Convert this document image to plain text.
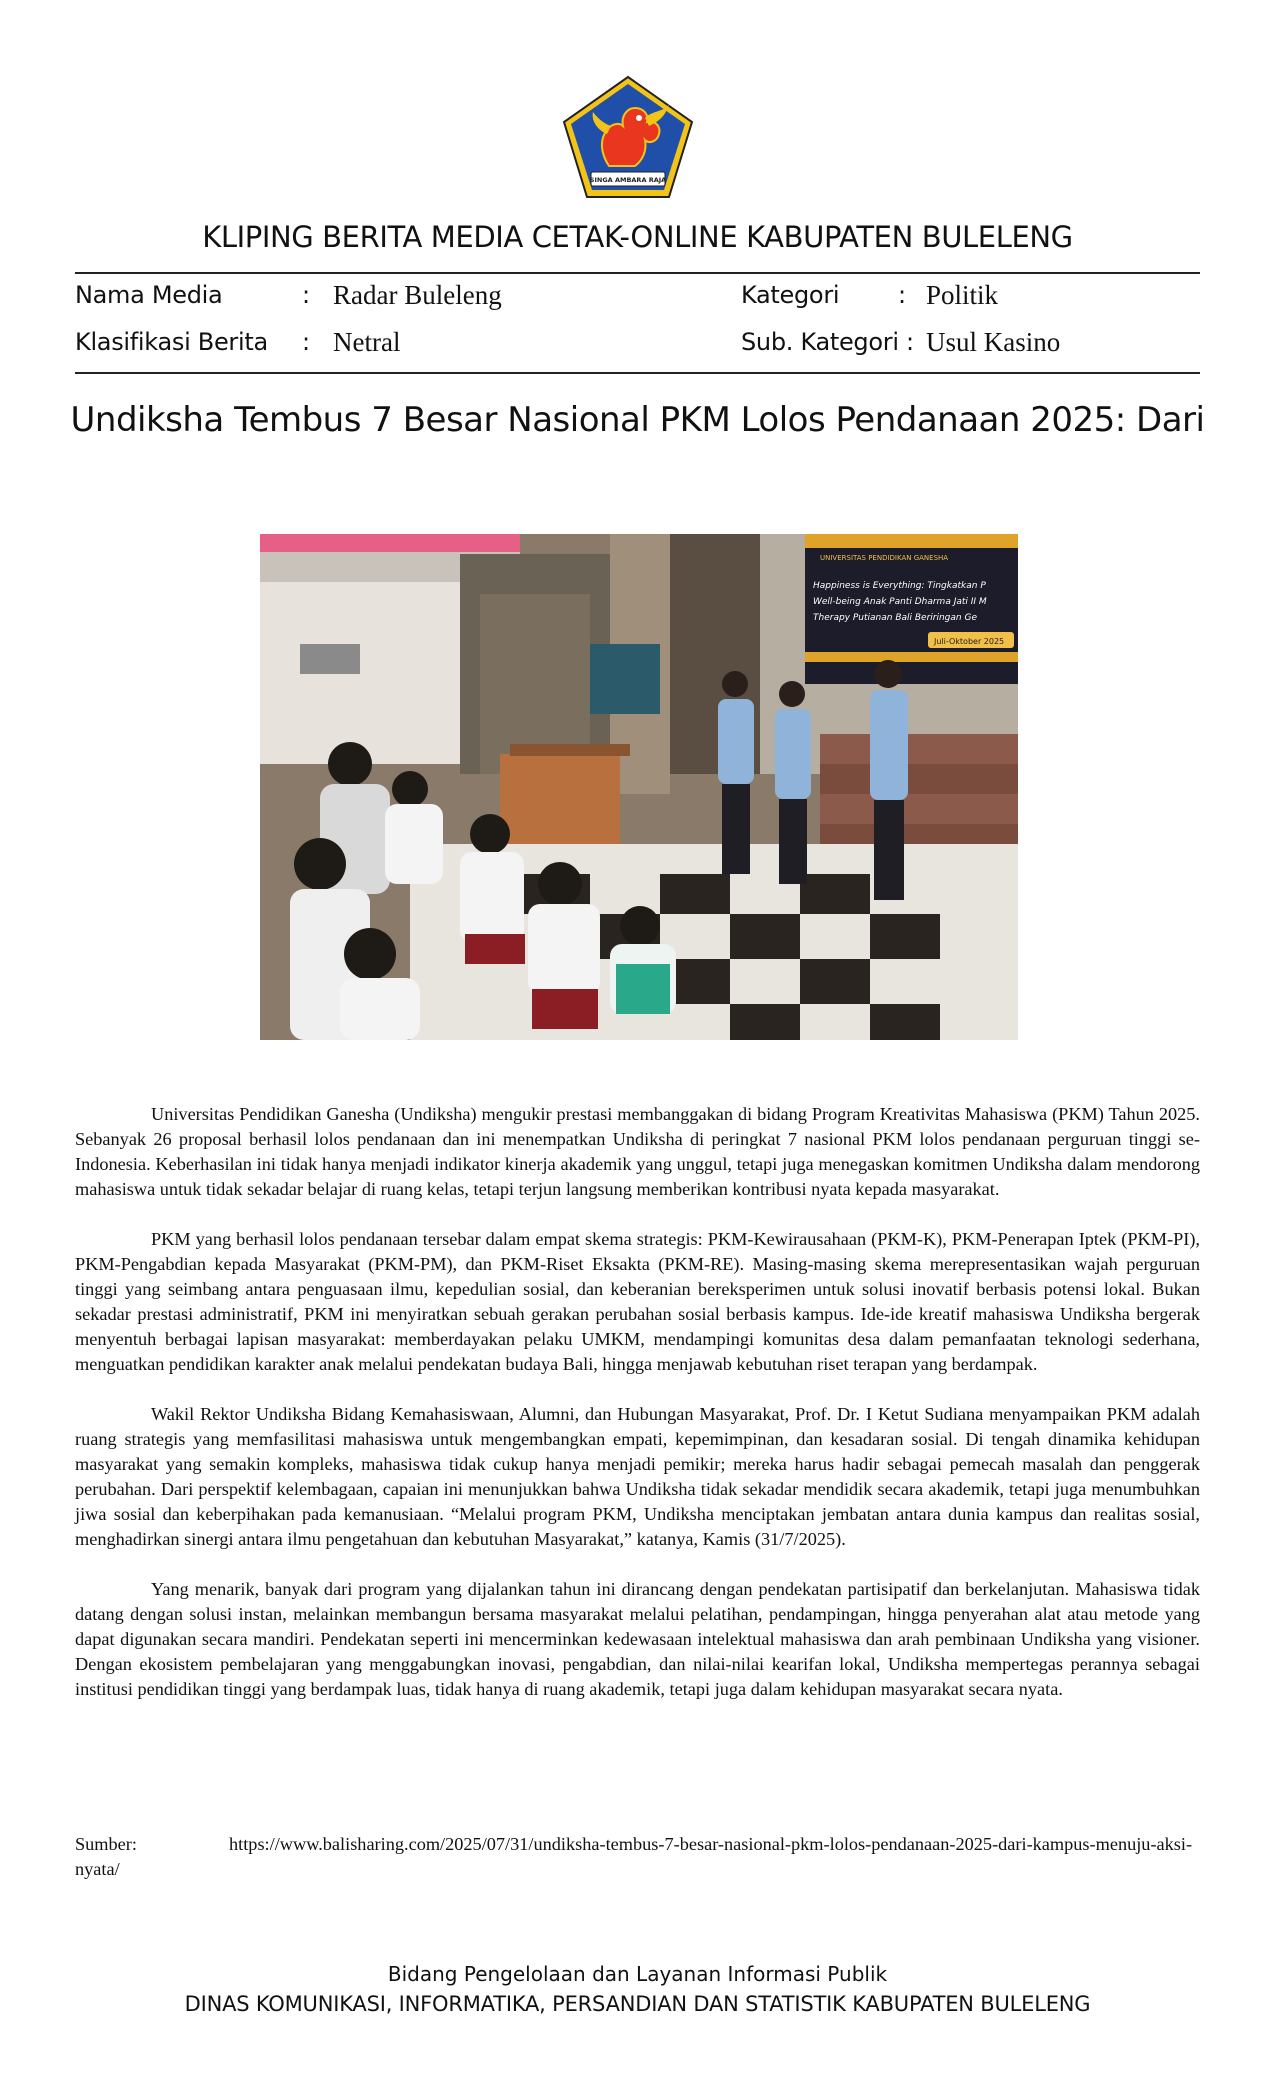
SINGA AMBARA RAJA
KLIPING BERITA MEDIA CETAK-ONLINE KABUPATEN BULELENG
Nama Media	: Radar Buleleng
Klasifikasi Berita : Netral
Kategori : Politik
Sub. Kategori : Usul Kasino
Undiksha Tembus 7 Besar Nasional PKM Lolos Pendanaan 2025: Dari
UNIVERSITAS PENDIDIKAN GANESHA
Happiness is Everything: Tingkatkan P
Well-being Anak Panti Dharma Jati II M
Therapy Putianan Bali Beriringan Ge
Juli-Oktober 2025

Universitas Pendidikan Ganesha (Undiksha) mengukir prestasi membanggakan di bidang Program Kreativitas Mahasiswa (PKM) Tahun 2025. Sebanyak 26 proposal berhasil lolos pendanaan dan ini menempatkan Undiksha di peringkat 7 nasional PKM lolos pendanaan perguruan tinggi se-Indonesia. Keberhasilan ini tidak hanya menjadi indikator kinerja akademik yang unggul, tetapi juga menegaskan komitmen Undiksha dalam mendorong mahasiswa untuk tidak sekadar belajar di ruang kelas, tetapi terjun langsung memberikan kontribusi nyata kepada masyarakat.

PKM yang berhasil lolos pendanaan tersebar dalam empat skema strategis: PKM-Kewirausahaan (PKM-K), PKM-Penerapan Iptek (PKM-PI), PKM-Pengabdian kepada Masyarakat (PKM-PM), dan PKM-Riset Eksakta (PKM-RE). Masing-masing skema merepresentasikan wajah perguruan tinggi yang seimbang antara penguasaan ilmu, kepedulian sosial, dan keberanian bereksperimen untuk solusi inovatif berbasis potensi lokal. Bukan sekadar prestasi administratif, PKM ini menyiratkan sebuah gerakan perubahan sosial berbasis kampus. Ide-ide kreatif mahasiswa Undiksha bergerak menyentuh berbagai lapisan masyarakat: memberdayakan pelaku UMKM, mendampingi komunitas desa dalam pemanfaatan teknologi sederhana, menguatkan pendidikan karakter anak melalui pendekatan budaya Bali, hingga menjawab kebutuhan riset terapan yang berdampak.

Wakil Rektor Undiksha Bidang Kemahasiswaan, Alumni, dan Hubungan Masyarakat, Prof. Dr. I Ketut Sudiana menyampaikan PKM adalah ruang strategis yang memfasilitasi mahasiswa untuk mengembangkan empati, kepemimpinan, dan kesadaran sosial. Di tengah dinamika kehidupan masyarakat yang semakin kompleks, mahasiswa tidak cukup hanya menjadi pemikir; mereka harus hadir sebagai pemecah masalah dan penggerak perubahan. Dari perspektif kelembagaan, capaian ini menunjukkan bahwa Undiksha tidak sekadar mendidik secara akademik, tetapi juga menumbuhkan jiwa sosial dan keberpihakan pada kemanusiaan. “Melalui program PKM, Undiksha menciptakan jembatan antara dunia kampus dan realitas sosial, menghadirkan sinergi antara ilmu pengetahuan dan kebutuhan Masyarakat,” katanya, Kamis (31/7/2025).

Yang menarik, banyak dari program yang dijalankan tahun ini dirancang dengan pendekatan partisipatif dan berkelanjutan. Mahasiswa tidak datang dengan solusi instan, melainkan membangun bersama masyarakat melalui pelatihan, pendampingan, hingga penyerahan alat atau metode yang dapat digunakan secara mandiri. Pendekatan seperti ini mencerminkan kedewasaan intelektual mahasiswa dan arah pembinaan Undiksha yang visioner. Dengan ekosistem pembelajaran yang menggabungkan inovasi, pengabdian, dan nilai-nilai kearifan lokal, Undiksha mempertegas perannya sebagai institusi pendidikan tinggi yang berdampak luas, tidak hanya di ruang akademik, tetapi juga dalam kehidupan masyarakat secara nyata.

Sumber:	https://www.balisharing.com/2025/07/31/undiksha-tembus-7-besar-nasional-pkm-lolos-pendanaan-2025-dari-kampus-menuju-aksi-nyata/
Bidang Pengelolaan dan Layanan Informasi Publik
DINAS KOMUNIKASI, INFORMATIKA, PERSANDIAN DAN STATISTIK KABUPATEN BULELENG
